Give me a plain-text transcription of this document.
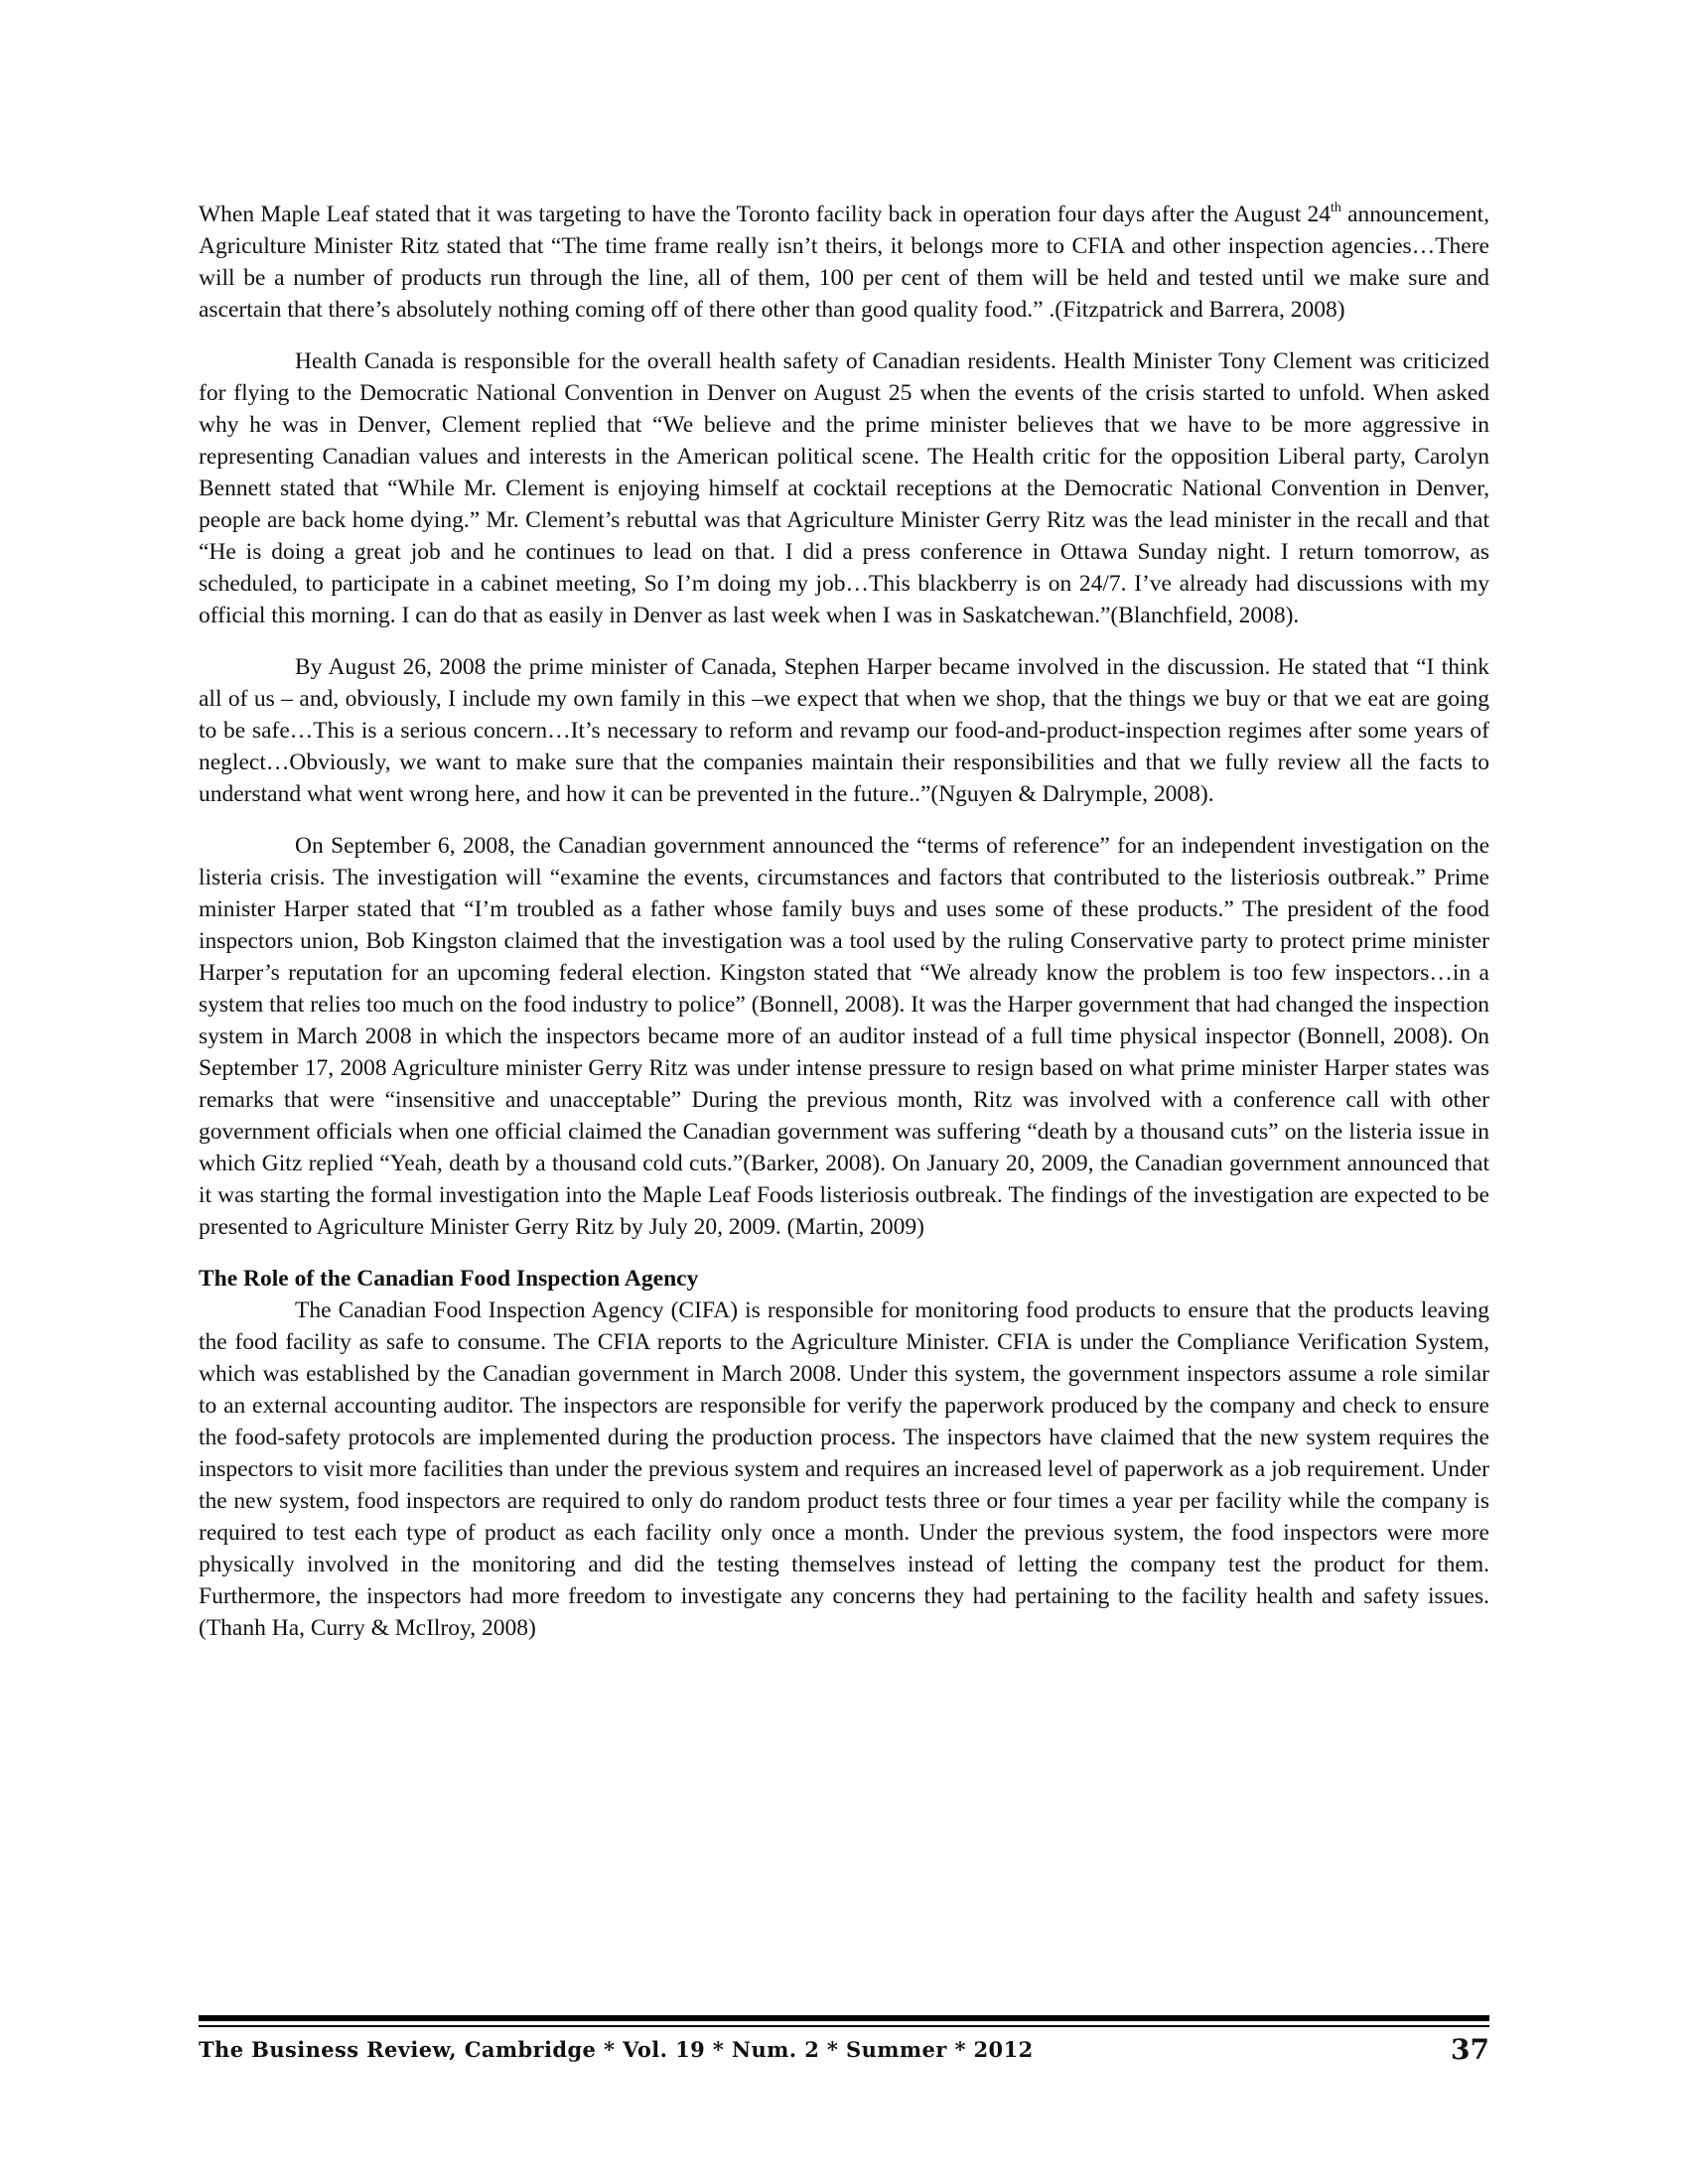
When Maple Leaf stated that it was targeting to have the Toronto facility back in operation four days after the August 24th announcement, Agriculture Minister Ritz stated that “The time frame really isn’t theirs, it belongs more to CFIA and other inspection agencies…There will be a number of products run through the line, all of them, 100 per cent of them will be held and tested until we make sure and ascertain that there’s absolutely nothing coming off of there other than good quality food.” .(Fitzpatrick and Barrera, 2008)

Health Canada is responsible for the overall health safety of Canadian residents. Health Minister Tony Clement was criticized for flying to the Democratic National Convention in Denver on August 25 when the events of the crisis started to unfold. When asked why he was in Denver, Clement replied that “We believe and the prime minister believes that we have to be more aggressive in representing Canadian values and interests in the American political scene. The Health critic for the opposition Liberal party, Carolyn Bennett stated that “While Mr. Clement is enjoying himself at cocktail receptions at the Democratic National Convention in Denver, people are back home dying.” Mr. Clement’s rebuttal was that Agriculture Minister Gerry Ritz was the lead minister in the recall and that “He is doing a great job and he continues to lead on that. I did a press conference in Ottawa Sunday night. I return tomorrow, as scheduled, to participate in a cabinet meeting, So I’m doing my job…This blackberry is on 24/7. I’ve already had discussions with my official this morning. I can do that as easily in Denver as last week when I was in Saskatchewan.”(Blanchfield, 2008).

By August 26, 2008 the prime minister of Canada, Stephen Harper became involved in the discussion. He stated that “I think all of us – and, obviously, I include my own family in this –we expect that when we shop, that the things we buy or that we eat are going to be safe…This is a serious concern…It’s necessary to reform and revamp our food-and-product-inspection regimes after some years of neglect…Obviously, we want to make sure that the companies maintain their responsibilities and that we fully review all the facts to understand what went wrong here, and how it can be prevented in the future..”(Nguyen & Dalrymple, 2008).

On September 6, 2008, the Canadian government announced the “terms of reference” for an independent investigation on the listeria crisis. The investigation will “examine the events, circumstances and factors that contributed to the listeriosis outbreak.” Prime minister Harper stated that “I’m troubled as a father whose family buys and uses some of these products.” The president of the food inspectors union, Bob Kingston claimed that the investigation was a tool used by the ruling Conservative party to protect prime minister Harper’s reputation for an upcoming federal election. Kingston stated that “We already know the problem is too few inspectors…in a system that relies too much on the food industry to police” (Bonnell, 2008). It was the Harper government that had changed the inspection system in March 2008 in which the inspectors became more of an auditor instead of a full time physical inspector (Bonnell, 2008). On September 17, 2008 Agriculture minister Gerry Ritz was under intense pressure to resign based on what prime minister Harper states was remarks that were “insensitive and unacceptable” During the previous month, Ritz was involved with a conference call with other government officials when one official claimed the Canadian government was suffering “death by a thousand cuts” on the listeria issue in which Gitz replied “Yeah, death by a thousand cold cuts.”(Barker, 2008). On January 20, 2009, the Canadian government announced that it was starting the formal investigation into the Maple Leaf Foods listeriosis outbreak. The findings of the investigation are expected to be presented to Agriculture Minister Gerry Ritz by July 20, 2009. (Martin, 2009)

The Role of the Canadian Food Inspection Agency

The Canadian Food Inspection Agency (CIFA) is responsible for monitoring food products to ensure that the products leaving the food facility as safe to consume. The CFIA reports to the Agriculture Minister. CFIA is under the Compliance Verification System, which was established by the Canadian government in March 2008. Under this system, the government inspectors assume a role similar to an external accounting auditor. The inspectors are responsible for verify the paperwork produced by the company and check to ensure the food-safety protocols are implemented during the production process. The inspectors have claimed that the new system requires the inspectors to visit more facilities than under the previous system and requires an increased level of paperwork as a job requirement. Under the new system, food inspectors are required to only do random product tests three or four times a year per facility while the company is required to test each type of product as each facility only once a month. Under the previous system, the food inspectors were more physically involved in the monitoring and did the testing themselves instead of letting the company test the product for them. Furthermore, the inspectors had more freedom to investigate any concerns they had pertaining to the facility health and safety issues. (Thanh Ha, Curry & McIlroy, 2008)

The Business Review, Cambridge * Vol. 19 * Num. 2 * Summer * 2012	37
